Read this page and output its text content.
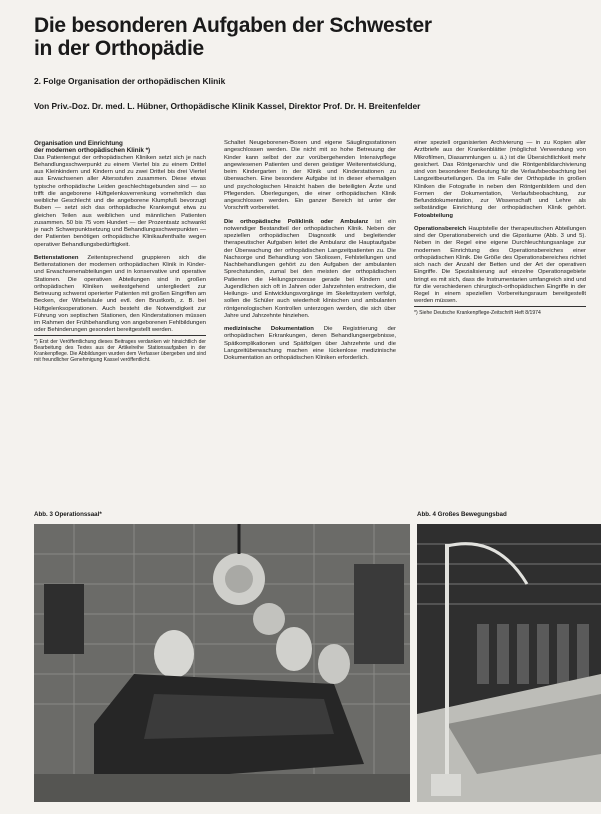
Die besonderen Aufgaben der Schwester
in der Orthopädie

2. Folge Organisation der orthopädischen Klinik

Von Priv.-Doz. Dr. med. L. Hübner, Orthopädische Klinik Kassel, Direktor Prof. Dr. H. Breitenfelder

Organisation und Einrichtung
der modernen orthopädischen Klinik *)

Das Patientengut der orthopädischen Kliniken setzt sich je nach Behandlungsschwerpunkt zu einem Viertel bis zu einem Drittel aus Kleinkindern und Kindern und zu zwei Drittel bis drei Viertel aus Erwachsenen aller Altersstufen zusammen. Diese etwas typische orthopädische Leiden geschlechtsgebunden sind — so trifft die angeborene Hüftgelenksverrenkung vornehmlich das weibliche Geschlecht und die angeborene Klumpfuß bevorzugt Buben — setzt sich das orthopädische Krankengut etwa zu gleichen Teilen aus weiblichen und männlichen Patienten zusammen. 50 bis 75 vom Hundert — der Prozentsatz schwankt je nach Schwerpunktsetzung und Behandlungsschwerpunkten — der Patienten benötigen orthopädische Klinikaufenthalte wegen operativer Behandlungsbedürftigkeit.

Bettenstationen Zeitentsprechend gruppieren sich die Bettenstationen der modernen orthopädischen Klinik in Kinder- und Erwachsenenabteilungen und in konservative und operative Stationen. Die operativen Abteilungen sind in großen orthopädischen Kliniken weitestgehend untergliedert zur Betreuung schwerst operierter Patienten mit großen Eingriffen am Becken, der Wirbelsäule und evtl. den Brustkorb, z. B. bei Hüftgelenksoperationen. Auch besteht die Notwendigkeit zur Führung von septischen Stationen, den Kinderstationen müssen im Rahmen der Frühbehandlung von angeborenen Fehlbildungen oder Behinderungen gesondert bereitgestellt werden.

*) Erst der Veröffentlichung dieses Beitrages verdanken wir hinsichtlich der Bearbeitung des Textes aus der Artikelreihe Stationsaufgaben in der Krankenpflege. Die Abbildungen wurden dem Verfasser übergeben und sind mit freundlicher Genehmigung Kassel veröffentlicht.

Schaltet Neugeborenen-Boxen und eigene Säuglingsstationen angeschlossen werden. Die nicht mit so hohe Betreuung der Kinder kann selbst der zur vorübergehenden Intensivpflege angewiesenen Patienten und deren geistiger Weiterentwicklung, beim Kindergarten in der Klinik und Kinderstationen zu überwachen. Eine besondere Aufgabe ist in dieser ehemaligen und psychologischen Hinsicht haben die beteiligten Ärzte und Pflegenden. Überlegungen, die einer orthopädischen Klinik angeschlossen werden. Ein ganzer Bereich ist unter der Vorschrift vorbereitet.

Die orthopädische Poliklinik oder Ambulanz ist ein notwendiger Bestandteil der orthopädischen Klinik. Neben der speziellen orthopädischen Diagnostik und begleitender therapeutischer Aufgaben leitet die Ambulanz die Hauptaufgabe der Überwachung der orthopädischen Langzeitpatienten zu. Die Nachsorge und Behandlung von Skoliosen, Fehlstellungen und Nachbehandlungen gehört zu den Aufgaben der ambulanten Sprechstunden, zumal bei den meisten der orthopädischen Patienten die Heilungsprozesse gerade bei Kindern und Jugendlichen sich oft in Jahren oder Jahrzehnten erstrecken, die Heilungs- und Entwicklungsvorgänge im Skelettsystem verfolgt, sollen die Schüler auch wiederholt klinischen und ambulanten röntgenologischen Kontrollen unterzogen werden, die sich über Jahre und Jahrzehnte hinziehen.

medizinische Dokumentation Die Registrierung der orthopädischen Erkrankungen, deren Behandlungsergebnisse, Spätkomplikationen und Spätfolgen über Jahrzehnte und die Langzeitüberwachung machen eine lückenlose medizinische Dokumentation an orthopädischen Kliniken erforderlich.

einer speziell organisierten Archivierung — in zu Kopien aller Arztbriefe aus der Krankenblätter (möglichst Verwendung von Mikrofilmen, Diasammlungen u. ä.) ist die Übersichtlichkeit mehr gesichert. Das Röntgenarchiv und die Röntgenbildarchivierung sind von besonderer Bedeutung für die Verlaufsbeobachtung bei Langzeitbeurteilungen. Da im Falle der Orthopädie in großen Kliniken die Fotografie in neben den Röntgenbildern und den Formen der Dokumentation, Verlaufsbeobachtung, zur Befunddokumentation, zur Wissenschaft und Lehre als selbständige Einrichtung der orthopädischen Klinik gehört. Fotoabteilung

Operationsbereich Hauptstelle der therapeutischen Abteilungen sind der Operationsbereich und die Gipsräume (Abb. 3 und 5). Neben in der Regel eine eigene Durchleuchtungsanlage zur modernen Einrichtung des Operationsbereiches einer orthopädischen Klinik. Die Größe des Operationsbereiches richtet sich nach der Anzahl der Betten und der Art der operativen Eingriffe. Die Spezialisierung auf einzelne Operationsgebiete bringt es mit sich, dass die Instrumentarien umfangreich sind und für die verschiedenen chirurgisch-orthopädischen Eingriffe in der Regel in einem speziellen Vorbereitungsraum bereitgestellt werden müssen.

*) Siehe Deutsche Krankenpflege-Zeitschrift Heft 8/1974

Abb. 3 Operationssaal*	Abb. 4 Großes Bewegungsbad
